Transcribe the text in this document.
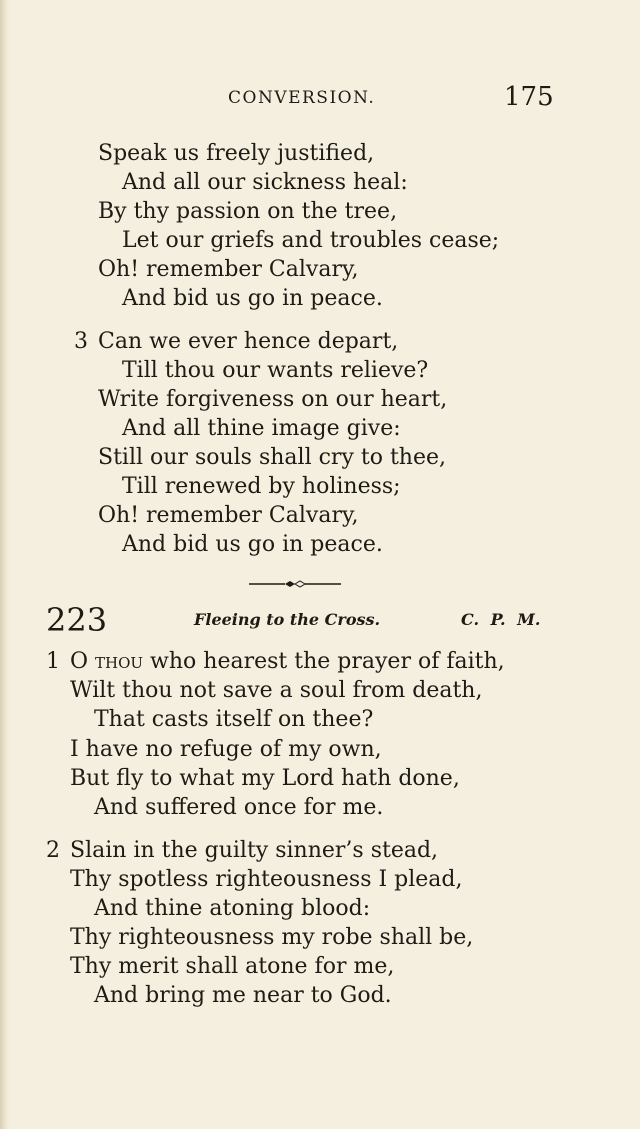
CONVERSION.	175
Speak us freely justified,
And all our sickness heal:
By thy passion on the tree,
Let our griefs and troubles cease;
Oh! remember Calvary,
And bid us go in peace.
3 Can we ever hence depart,
Till thou our wants relieve?
Write forgiveness on our heart,
And all thine image give:
Still our souls shall cry to thee,
Till renewed by holiness;
Oh! remember Calvary,
And bid us go in peace.
223	Fleeing to the Cross.	C. P. M.
1 O thou who hearest the prayer of faith,
Wilt thou not save a soul from death,
That casts itself on thee?
I have no refuge of my own,
But fly to what my Lord hath done,
And suffered once for me.
2 Slain in the guilty sinner’s stead,
Thy spotless righteousness I plead,
And thine atoning blood:
Thy righteousness my robe shall be,
Thy merit shall atone for me,
And bring me near to God.
